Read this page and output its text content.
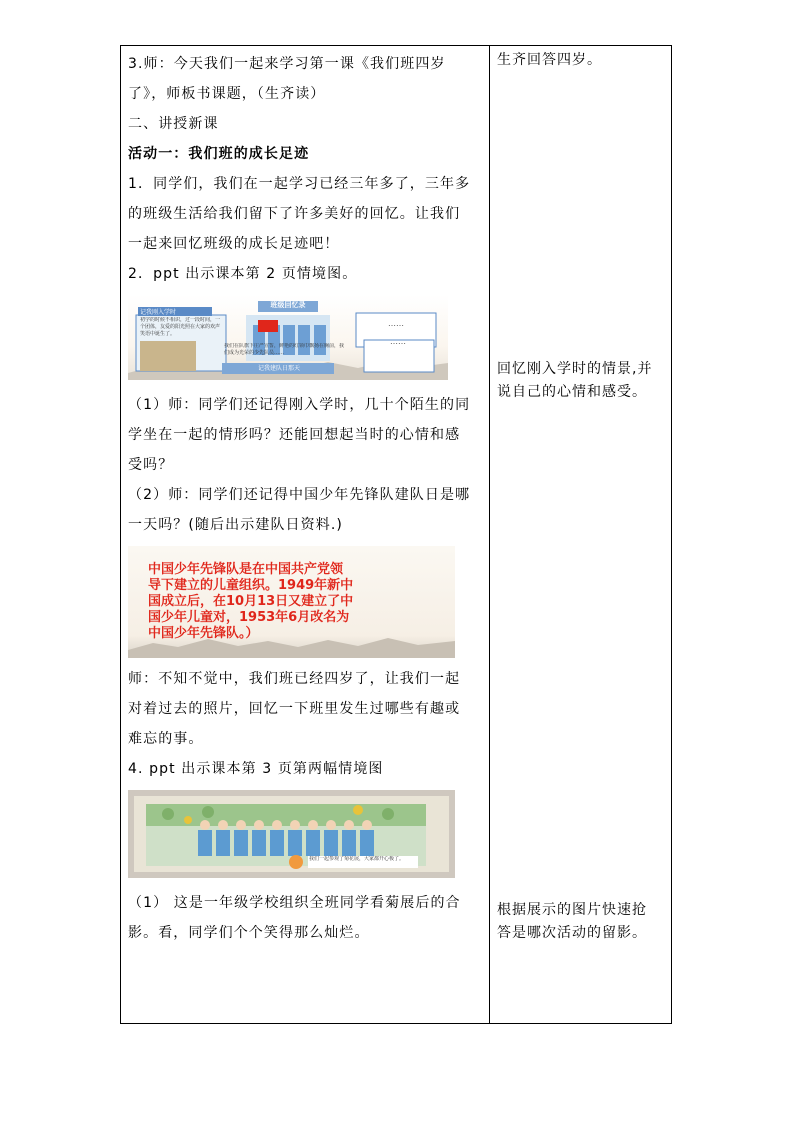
3.师：今天我们一起来学习第一课《我们班四岁

了》，师板书课题，（生齐读）

二、讲授新课

活动一：我们班的成长足迹

1．同学们，我们在一起学习已经三年多了，三年多

的班级生活给我们留下了许多美好的回忆。让我们

一起来回忆班级的成长足迹吧！

2．ppt 出示课本第 2 页情境图。

班级回忆录
记我刚入学时
初学的时候不相识，过一段时间，一个团体，友爱的阳光照在大家的欢声笑语中诞生了。
我们在队旗下庄严宣誓，鲜艳的红领巾飘扬在胸前，我们成为光荣的少先队员……
记我建队日那天
……
……

（1）师：同学们还记得刚入学时，几十个陌生的同

学坐在一起的情形吗？还能回想起当时的心情和感

受吗？

（2）师：同学们还记得中国少年先锋队建队日是哪

一天吗？(随后出示建队日资料.)

中国少年先锋队是在中国共产党领
导下建立的儿童组织。1949年新中
国成立后，在10月13日又建立了中
国少年儿童对，1953年6月改名为
中国少年先锋队。）

师：不知不觉中，我们班已经四岁了，让我们一起

对着过去的照片，回忆一下班里发生过哪些有趣或

难忘的事。

4. ppt 出示课本第 3 页第两幅情境图

我们一起参观了菊花展，大家都开心极了。

（1） 这是一年级学校组织全班同学看菊展后的合

影。看，同学们个个笑得那么灿烂。

生齐回答四岁。

回忆刚入学时的情景,并

说自己的心情和感受。

根据展示的图片快速抢

答是哪次活动的留影。
